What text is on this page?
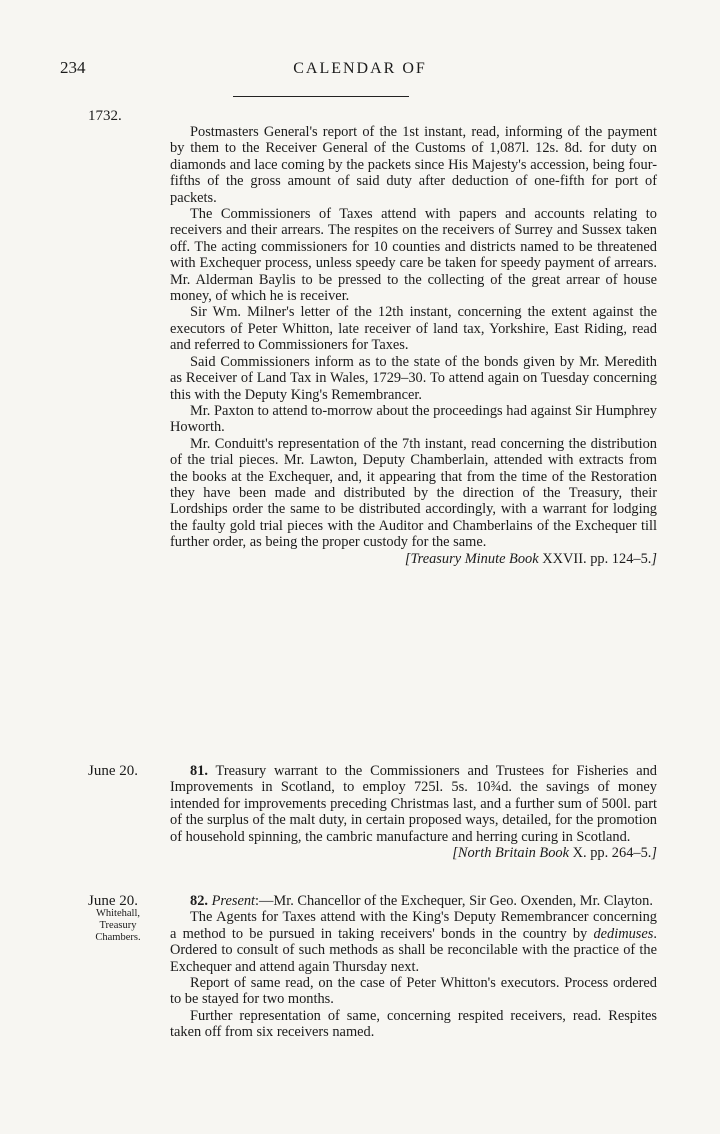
234	CALENDAR OF
1732.
June 20.
June 20.
Whitehall,
Treasury
Chambers.

Postmasters General's report of the 1st instant, read, informing of the payment by them to the Receiver General of the Customs of 1,087l. 12s. 8d. for duty on diamonds and lace coming by the packets since His Majesty's accession, being four-fifths of the gross amount of said duty after deduction of one-fifth for port of packets.

The Commissioners of Taxes attend with papers and accounts relating to receivers and their arrears. The respites on the receivers of Surrey and Sussex taken off. The acting commissioners for 10 counties and districts named to be threatened with Exchequer process, unless speedy care be taken for speedy payment of arrears. Mr. Alderman Baylis to be pressed to the collecting of the great arrear of house money, of which he is receiver.

Sir Wm. Milner's letter of the 12th instant, concerning the extent against the executors of Peter Whitton, late receiver of land tax, Yorkshire, East Riding, read and referred to Commissioners for Taxes.

Said Commissioners inform as to the state of the bonds given by Mr. Meredith as Receiver of Land Tax in Wales, 1729–30. To attend again on Tuesday concerning this with the Deputy King's Remembrancer.

Mr. Paxton to attend to-morrow about the proceedings had against Sir Humphrey Howorth.

Mr. Conduitt's representation of the 7th instant, read concerning the distribution of the trial pieces. Mr. Lawton, Deputy Chamberlain, attended with extracts from the books at the Exchequer, and, it appearing that from the time of the Restoration they have been made and distributed by the direction of the Treasury, their Lordships order the same to be distributed accordingly, with a warrant for lodging the faulty gold trial pieces with the Auditor and Chamberlains of the Exchequer till further order, as being the proper custody for the same.

[Treasury Minute Book XXVII. pp. 124–5.]

81. Treasury warrant to the Commissioners and Trustees for Fisheries and Improvements in Scotland, to employ 725l. 5s. 10¾d. the savings of money intended for improvements preceding Christmas last, and a further sum of 500l. part of the surplus of the malt duty, in certain proposed ways, detailed, for the promotion of household spinning, the cambric manufacture and herring curing in Scotland.

[North Britain Book X. pp. 264–5.]

82. Present:—Mr. Chancellor of the Exchequer, Sir Geo. Oxenden, Mr. Clayton.

The Agents for Taxes attend with the King's Deputy Remembrancer concerning a method to be pursued in taking receivers' bonds in the country by dedimuses. Ordered to consult of such methods as shall be reconcilable with the practice of the Exchequer and attend again Thursday next.

Report of same read, on the case of Peter Whitton's executors. Process ordered to be stayed for two months.

Further representation of same, concerning respited receivers, read. Respites taken off from six receivers named.
